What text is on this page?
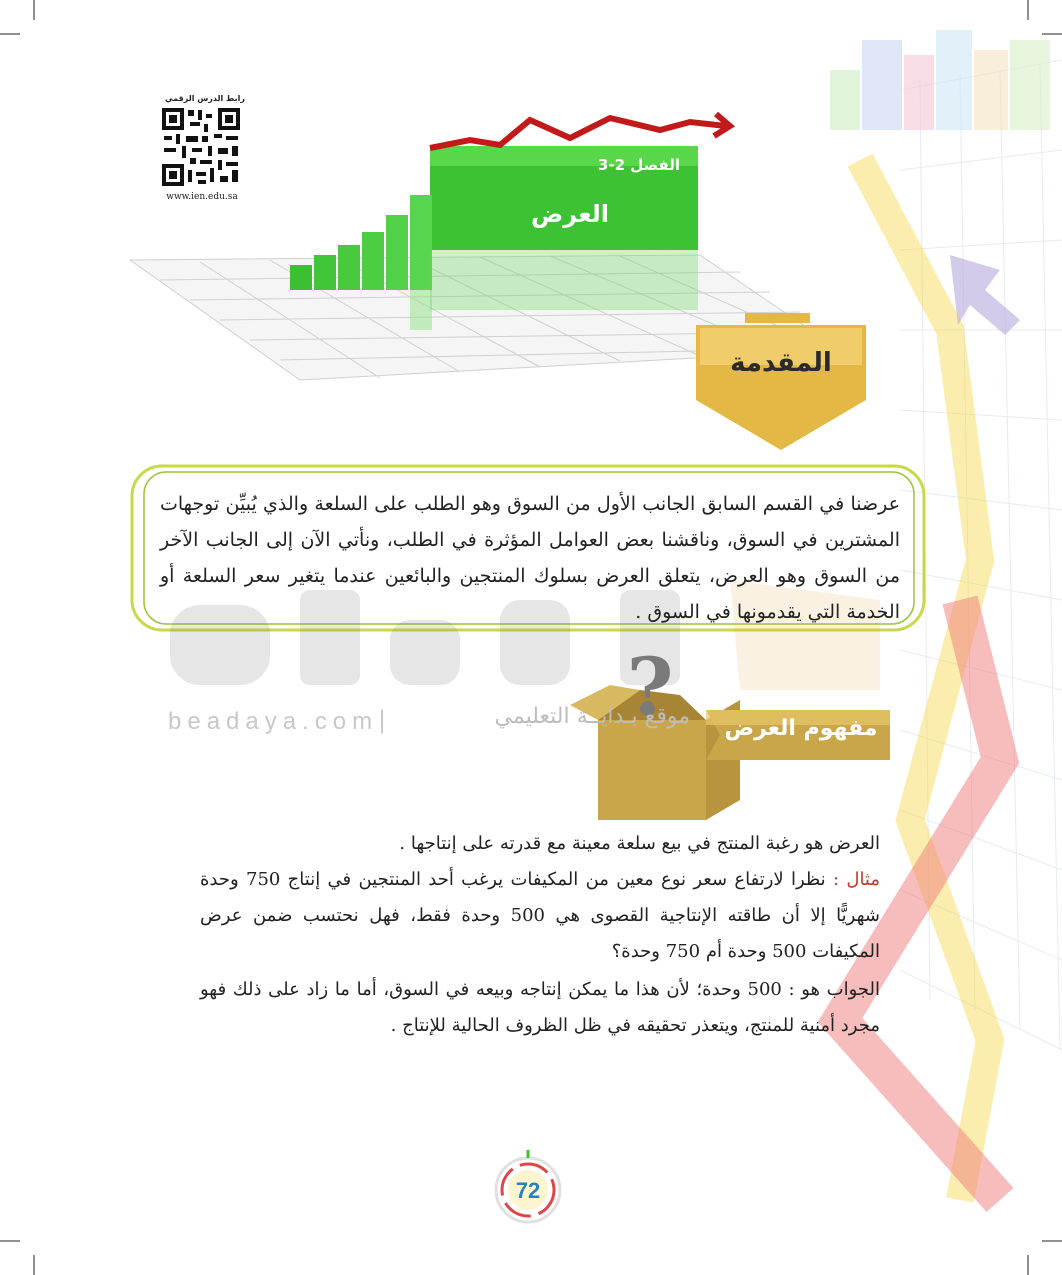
?
رابط الدرس الرقمي
www.ien.edu.sa
الفصل 2-3
العرض
المقدمة
عرضنا في القسم السابق الجانب الأول من السوق وهو الطلب على السلعة والذي يُبيِّن توجهات المشترين في السوق، وناقشنا بعض العوامل المؤثرة في الطلب، ونأتي الآن إلى الجانب الآخر من السوق وهو العرض، يتعلق العرض بسلوك المنتجين والبائعين عندما يتغير سعر السلعة أو الخدمة التي يقدمونها في السوق .
موقع بـدايــة التعليمي
|
beadaya.com	مفهوم العرض
العرض هو رغبة المنتج في بيع سلعة معينة مع قدرته على إنتاجها .
مثال : نظرا لارتفاع سعر نوع معين من المكيفات يرغب أحد المنتجين في إنتاج 750 وحدة شهريًّا إلا أن طاقته الإنتاجية القصوى هي 500 وحدة فقط، فهل نحتسب ضمن عرض المكيفات 500 وحدة أم 750 وحدة؟
الجواب هو : 500 وحدة؛ لأن هذا ما يمكن إنتاجه وبيعه في السوق، أما ما زاد على ذلك فهو مجرد أمنية للمنتج، ويتعذر تحقيقه في ظل الظروف الحالية للإنتاج .
72
